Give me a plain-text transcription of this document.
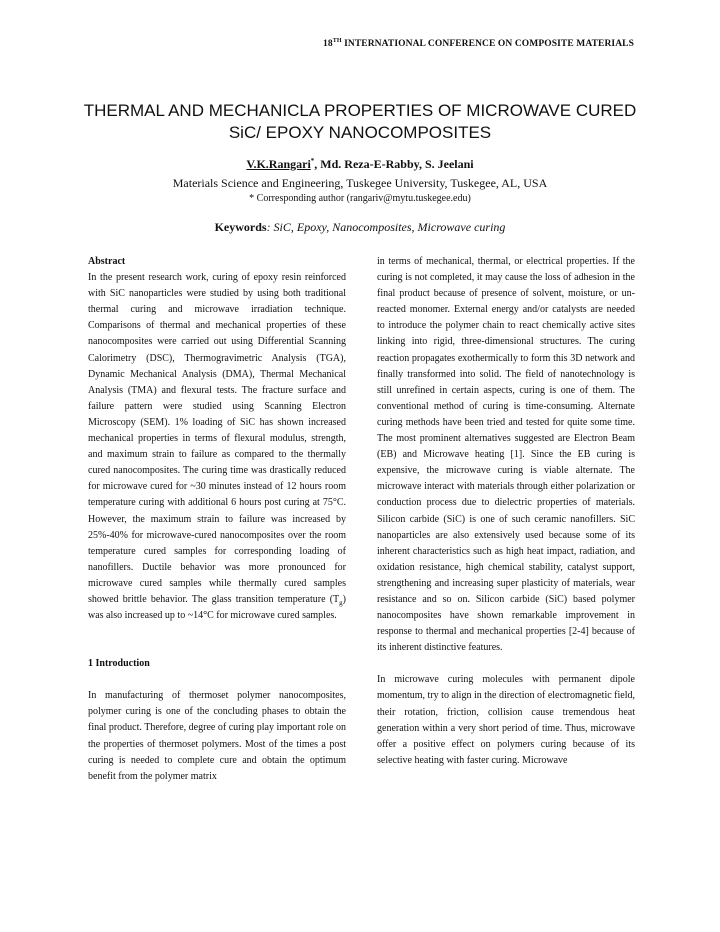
18TH INTERNATIONAL CONFERENCE ON COMPOSITE MATERIALS
THERMAL AND MECHANICLA PROPERTIES OF MICROWAVE CURED SiC/ EPOXY NANOCOMPOSITES
V.K.Rangari*, Md. Reza-E-Rabby, S. Jeelani
Materials Science and Engineering, Tuskegee University, Tuskegee, AL, USA
* Corresponding author (rangariv@mytu.tuskegee.edu)
Keywords: SiC, Epoxy, Nanocomposites, Microwave curing

Abstract

In the present research work, curing of epoxy resin reinforced with SiC nanoparticles were studied by using both traditional thermal curing and microwave irradiation technique. Comparisons of thermal and mechanical properties of these nanocomposites were carried out using Differential Scanning Calorimetry (DSC), Thermogravimetric Analysis (TGA), Dynamic Mechanical Analysis (DMA), Thermal Mechanical Analysis (TMA) and flexural tests. The fracture surface and failure pattern were studied using Scanning Electron Microscopy (SEM). 1% loading of SiC has shown increased mechanical properties in terms of flexural modulus, strength, and maximum strain to failure as compared to the thermally cured nanocomposites. The curing time was drastically reduced for microwave cured for ~30 minutes instead of 12 hours room temperature curing with additional 6 hours post curing at 75°C. However, the maximum strain to failure was increased by 25%-40% for microwave-cured nanocomposites over the room temperature cured samples for corresponding loading of nanofillers. Ductile behavior was more pronounced for microwave cured samples while thermally cured samples showed brittle behavior. The glass transition temperature $(T_g)$ was also increased up to ~14°C for microwave cured samples.

1 Introduction

In manufacturing of thermoset polymer nanocomposites, polymer curing is one of the concluding phases to obtain the final product. Therefore, degree of curing play important role on the properties of thermoset polymers. Most of the times a post curing is needed to complete cure and obtain the optimum benefit from the polymer matrix

in terms of mechanical, thermal, or electrical properties. If the curing is not completed, it may cause the loss of adhesion in the final product because of presence of solvent, moisture, or un-reacted monomer. External energy and/or catalysts are needed to introduce the polymer chain to react chemically active sites linking into rigid, three-dimensional structures. The curing reaction propagates exothermically to form this 3D network and finally transformed into solid. The field of nanotechnology is still unrefined in certain aspects, curing is one of them. The conventional method of curing is time-consuming. Alternate curing methods have been tried and tested for quite some time. The most prominent alternatives suggested are Electron Beam (EB) and Microwave heating [1]. Since the EB curing is expensive, the microwave curing is viable alternate. The microwave interact with materials through either polarization or conduction process due to dielectric properties of materials. Silicon carbide (SiC) is one of such ceramic nanofillers. SiC nanoparticles are also extensively used because some of its inherent characteristics such as high heat impact, radiation, and oxidation resistance, high chemical stability, catalyst support, strengthening and increasing super plasticity of materials, wear resistance and so on. Silicon carbide (SiC) based polymer nanocomposites have shown remarkable improvement in response to thermal and mechanical properties [2-4] because of its inherent distinctive features.

In microwave curing molecules with permanent dipole momentum, try to align in the direction of electromagnetic field, their rotation, friction, collision cause tremendous heat generation within a very short period of time. Thus, microwave offer a positive effect on polymers curing because of its selective heating with faster curing. Microwave
